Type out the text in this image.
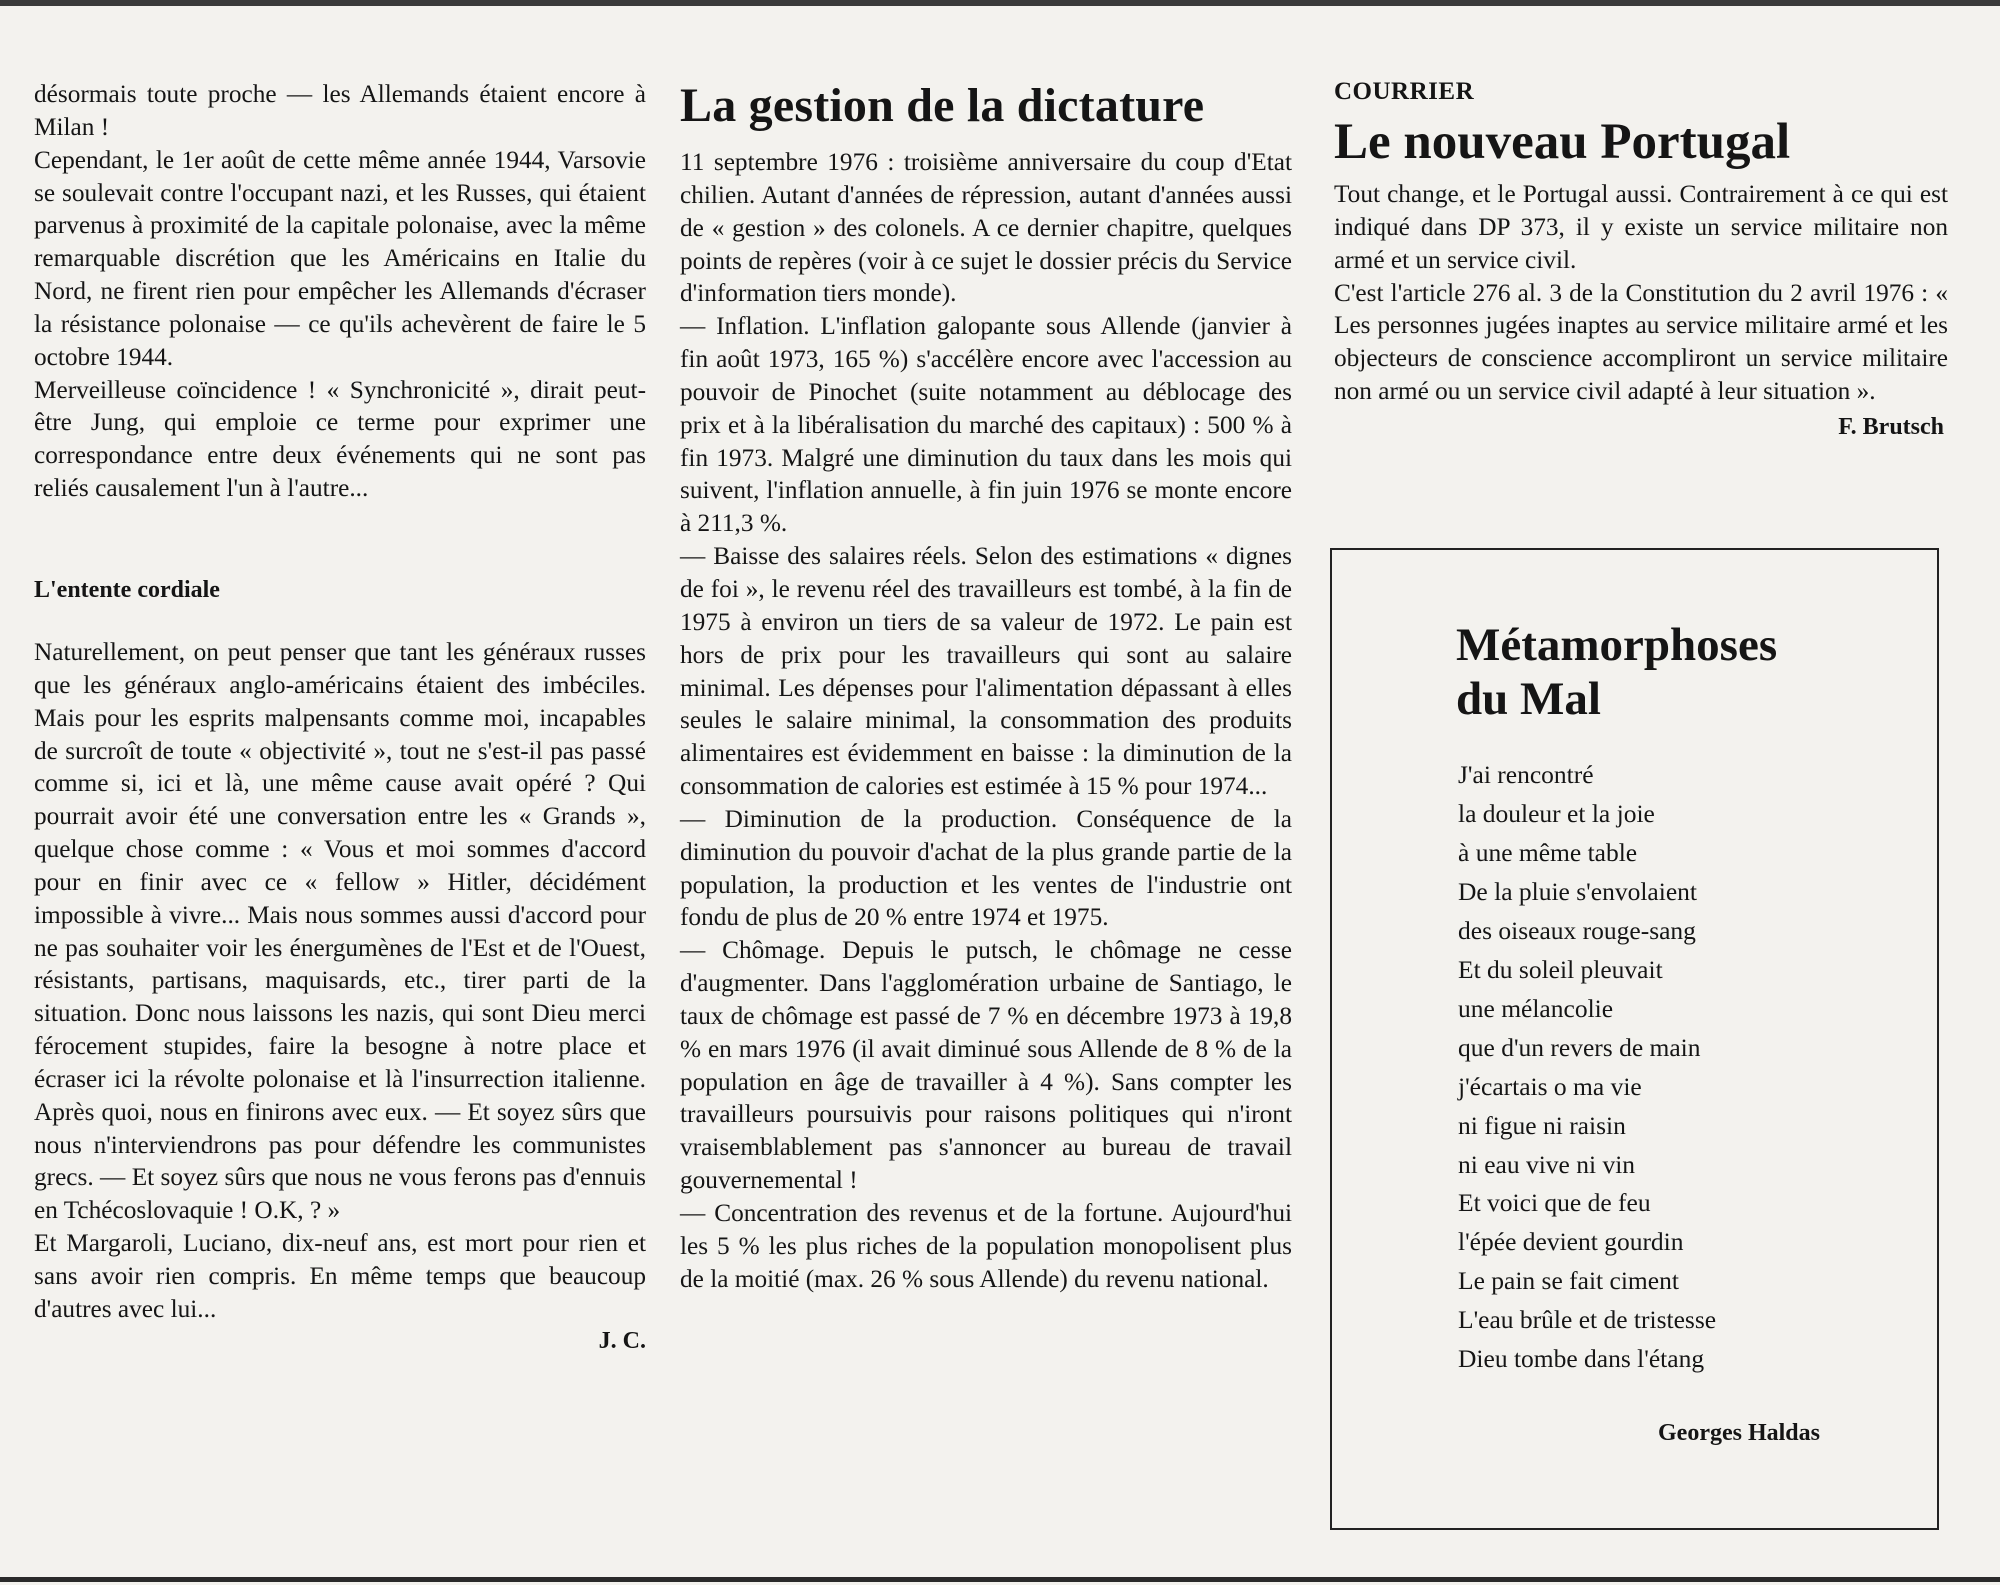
désormais toute proche — les Allemands étaient encore à Milan !

Cependant, le 1er août de cette même année 1944, Varsovie se soulevait contre l'occupant nazi, et les Russes, qui étaient parvenus à proximité de la capitale polonaise, avec la même remarquable discrétion que les Américains en Italie du Nord, ne firent rien pour empêcher les Allemands d'écraser la résistance polonaise — ce qu'ils achevèrent de faire le 5 octobre 1944.

Merveilleuse coïncidence ! « Synchronicité », dirait peut-être Jung, qui emploie ce terme pour exprimer une correspondance entre deux événements qui ne sont pas reliés causalement l'un à l'autre...

L'entente cordiale

Naturellement, on peut penser que tant les généraux russes que les généraux anglo-américains étaient des imbéciles. Mais pour les esprits malpensants comme moi, incapables de surcroît de toute « objectivité », tout ne s'est-il pas passé comme si, ici et là, une même cause avait opéré ? Qui pourrait avoir été une conversation entre les « Grands », quelque chose comme : « Vous et moi sommes d'accord pour en finir avec ce « fellow » Hitler, décidément impossible à vivre... Mais nous sommes aussi d'accord pour ne pas souhaiter voir les énergumènes de l'Est et de l'Ouest, résistants, partisans, maquisards, etc., tirer parti de la situation. Donc nous laissons les nazis, qui sont Dieu merci férocement stupides, faire la besogne à notre place et écraser ici la révolte polonaise et là l'insurrection italienne. Après quoi, nous en finirons avec eux. — Et soyez sûrs que nous n'interviendrons pas pour défendre les communistes grecs. — Et soyez sûrs que nous ne vous ferons pas d'ennuis en Tchécoslovaquie ! O.K, ? »

Et Margaroli, Luciano, dix-neuf ans, est mort pour rien et sans avoir rien compris. En même temps que beaucoup d'autres avec lui...

J. C.

La gestion de la dictature

11 septembre 1976 : troisième anniversaire du coup d'Etat chilien. Autant d'années de répression, autant d'années aussi de « gestion » des colonels. A ce dernier chapitre, quelques points de repères (voir à ce sujet le dossier précis du Service d'information tiers monde).

— Inflation. L'inflation galopante sous Allende (janvier à fin août 1973, 165 %) s'accélère encore avec l'accession au pouvoir de Pinochet (suite notamment au déblocage des prix et à la libéralisation du marché des capitaux) : 500 % à fin 1973. Malgré une diminution du taux dans les mois qui suivent, l'inflation annuelle, à fin juin 1976 se monte encore à 211,3 %.

— Baisse des salaires réels. Selon des estimations « dignes de foi », le revenu réel des travailleurs est tombé, à la fin de 1975 à environ un tiers de sa valeur de 1972. Le pain est hors de prix pour les travailleurs qui sont au salaire minimal. Les dépenses pour l'alimentation dépassant à elles seules le salaire minimal, la consommation des produits alimentaires est évidemment en baisse : la diminution de la consommation de calories est estimée à 15 % pour 1974...

— Diminution de la production. Conséquence de la diminution du pouvoir d'achat de la plus grande partie de la population, la production et les ventes de l'industrie ont fondu de plus de 20 % entre 1974 et 1975.

— Chômage. Depuis le putsch, le chômage ne cesse d'augmenter. Dans l'agglomération urbaine de Santiago, le taux de chômage est passé de 7 % en décembre 1973 à 19,8 % en mars 1976 (il avait diminué sous Allende de 8 % de la population en âge de travailler à 4 %). Sans compter les travailleurs poursuivis pour raisons politiques qui n'iront vraisemblablement pas s'annoncer au bureau de travail gouvernemental !

— Concentration des revenus et de la fortune. Aujourd'hui les 5 % les plus riches de la population monopolisent plus de la moitié (max. 26 % sous Allende) du revenu national.

COURRIER

Le nouveau Portugal

Tout change, et le Portugal aussi. Contrairement à ce qui est indiqué dans DP 373, il y existe un service militaire non armé et un service civil.

C'est l'article 276 al. 3 de la Constitution du 2 avril 1976 : « Les personnes jugées inaptes au service militaire armé et les objecteurs de conscience accompliront un service militaire non armé ou un service civil adapté à leur situation ».

F. Brutsch

Métamorphoses
du Mal
J'ai rencontré
la douleur et la joie
à une même table
De la pluie s'envolaient
des oiseaux rouge-sang
Et du soleil pleuvait
une mélancolie
que d'un revers de main
j'écartais o ma vie
ni figue ni raisin
ni eau vive ni vin
Et voici que de feu
l'épée devient gourdin
Le pain se fait ciment
L'eau brûle et de tristesse
Dieu tombe dans l'étang

Georges Haldas
